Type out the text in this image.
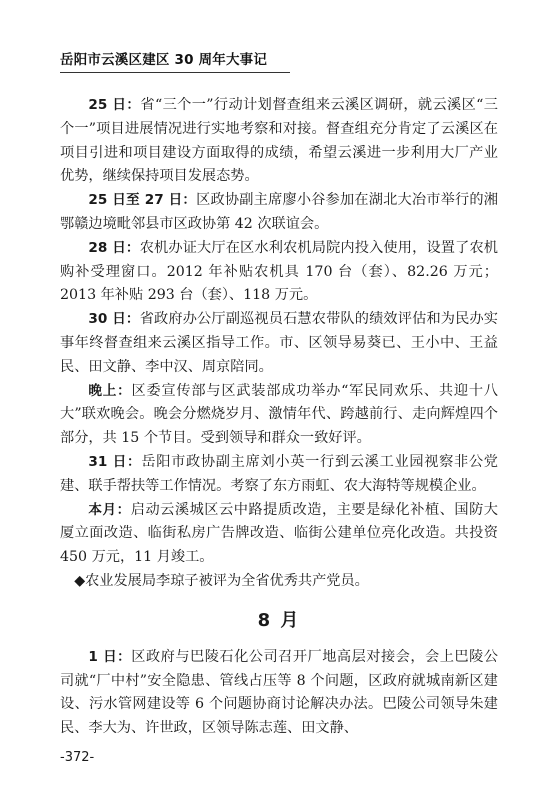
岳阳市云溪区建区 30 周年大事记

25 日：省“三个一”行动计划督查组来云溪区调研，就云溪区“三个一”项目进展情况进行实地考察和对接。督查组充分肯定了云溪区在项目引进和项目建设方面取得的成绩，希望云溪进一步利用大厂产业优势，继续保持项目发展态势。

25 日至 27 日：区政协副主席廖小谷参加在湖北大冶市举行的湘鄂赣边境毗邻县市区政协第 42 次联谊会。

28 日：农机办证大厅在区水利农机局院内投入使用，设置了农机购补受理窗口。2012 年补贴农机具 170 台（套）、82.26 万元；2013 年补贴 293 台（套）、118 万元。

30 日：省政府办公厅副巡视员石慧农带队的绩效评估和为民办实事年终督查组来云溪区指导工作。市、区领导易葵已、王小中、王益民、田文静、李中汉、周京陪同。

晚上：区委宣传部与区武装部成功举办“军民同欢乐、共迎十八大”联欢晚会。晚会分燃烧岁月、激情年代、跨越前行、走向辉煌四个部分，共 15 个节目。受到领导和群众一致好评。

31 日：岳阳市政协副主席刘小英一行到云溪工业园视察非公党建、联手帮扶等工作情况。考察了东方雨虹、农大海特等规模企业。

本月：启动云溪城区云中路提质改造，主要是绿化补植、国防大厦立面改造、临街私房广告牌改造、临街公建单位亮化改造。共投资 450 万元，11 月竣工。

◆农业发展局李琼子被评为全省优秀共产党员。

8 月

1 日：区政府与巴陵石化公司召开厂地高层对接会，会上巴陵公司就“厂中村”安全隐患、管线占压等 8 个问题，区政府就城南新区建设、污水管网建设等 6 个问题协商讨论解决办法。巴陵公司领导朱建民、李大为、许世政，区领导陈志莲、田文静、

-372-
